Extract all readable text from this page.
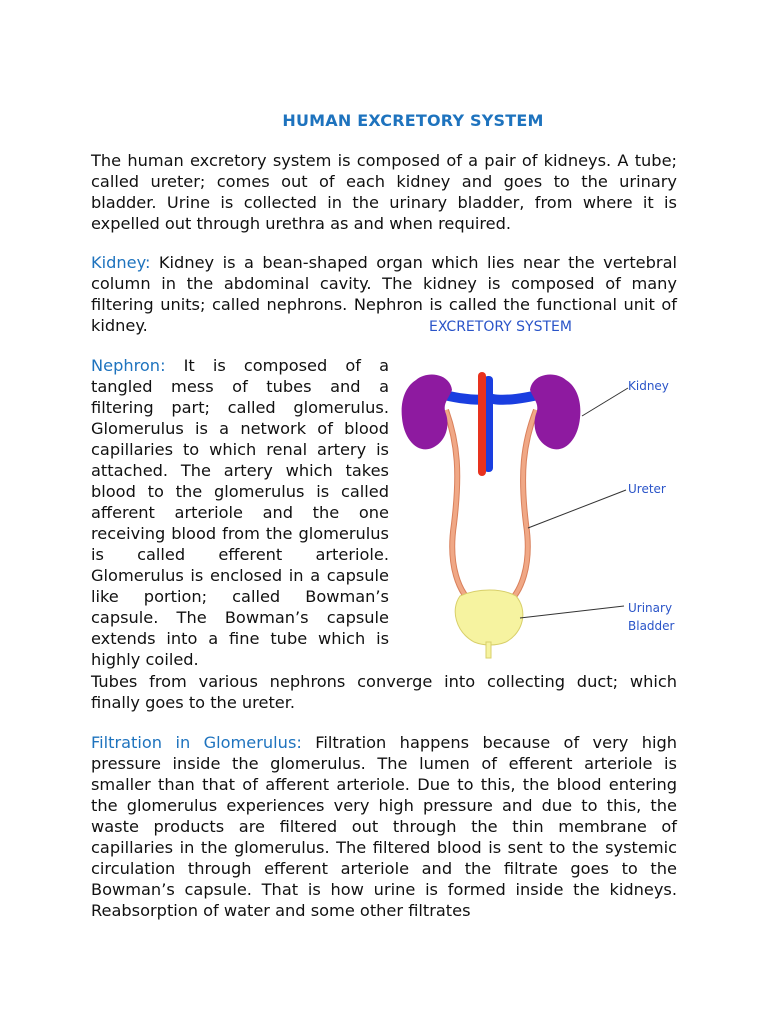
HUMAN EXCRETORY SYSTEM

The human excretory system is composed of a pair of kidneys. A tube; called ureter; comes out of each kidney and goes to the urinary bladder. Urine is collected in the urinary bladder, from where it is expelled out through urethra as and when required.

Kidney: Kidney is a bean-shaped organ which lies near the vertebral column in the abdominal cavity. The kidney is composed of many filtering units; called nephrons. Nephron is called the functional unit of kidney.

Nephron: It is composed of a tangled mess of tubes and a filtering part; called glomerulus. Glomerulus is a network of blood capillaries to which renal artery is attached. The artery which takes blood to the glomerulus is called afferent arteriole and the one receiving blood from the glomerulus is called efferent arteriole. Glomerulus is enclosed in a capsule like portion; called Bowman’s capsule. The Bowman’s capsule extends into a fine tube which is highly coiled.

Tubes from various nephrons converge into collecting duct; which finally goes to the ureter.

Filtration in Glomerulus: Filtration happens because of very high pressure inside the glomerulus. The lumen of efferent arteriole is smaller than that of afferent arteriole. Due to this, the blood entering the glomerulus experiences very high pressure and due to this, the waste products are filtered out through the thin membrane of capillaries in the glomerulus. The filtered blood is sent to the systemic circulation through efferent arteriole and the filtrate goes to the Bowman’s capsule. That is how urine is formed inside the kidneys. Reabsorption of water and some other filtrates

EXCRETORY SYSTEM
Kidney
Ureter
Urinary
Bladder
